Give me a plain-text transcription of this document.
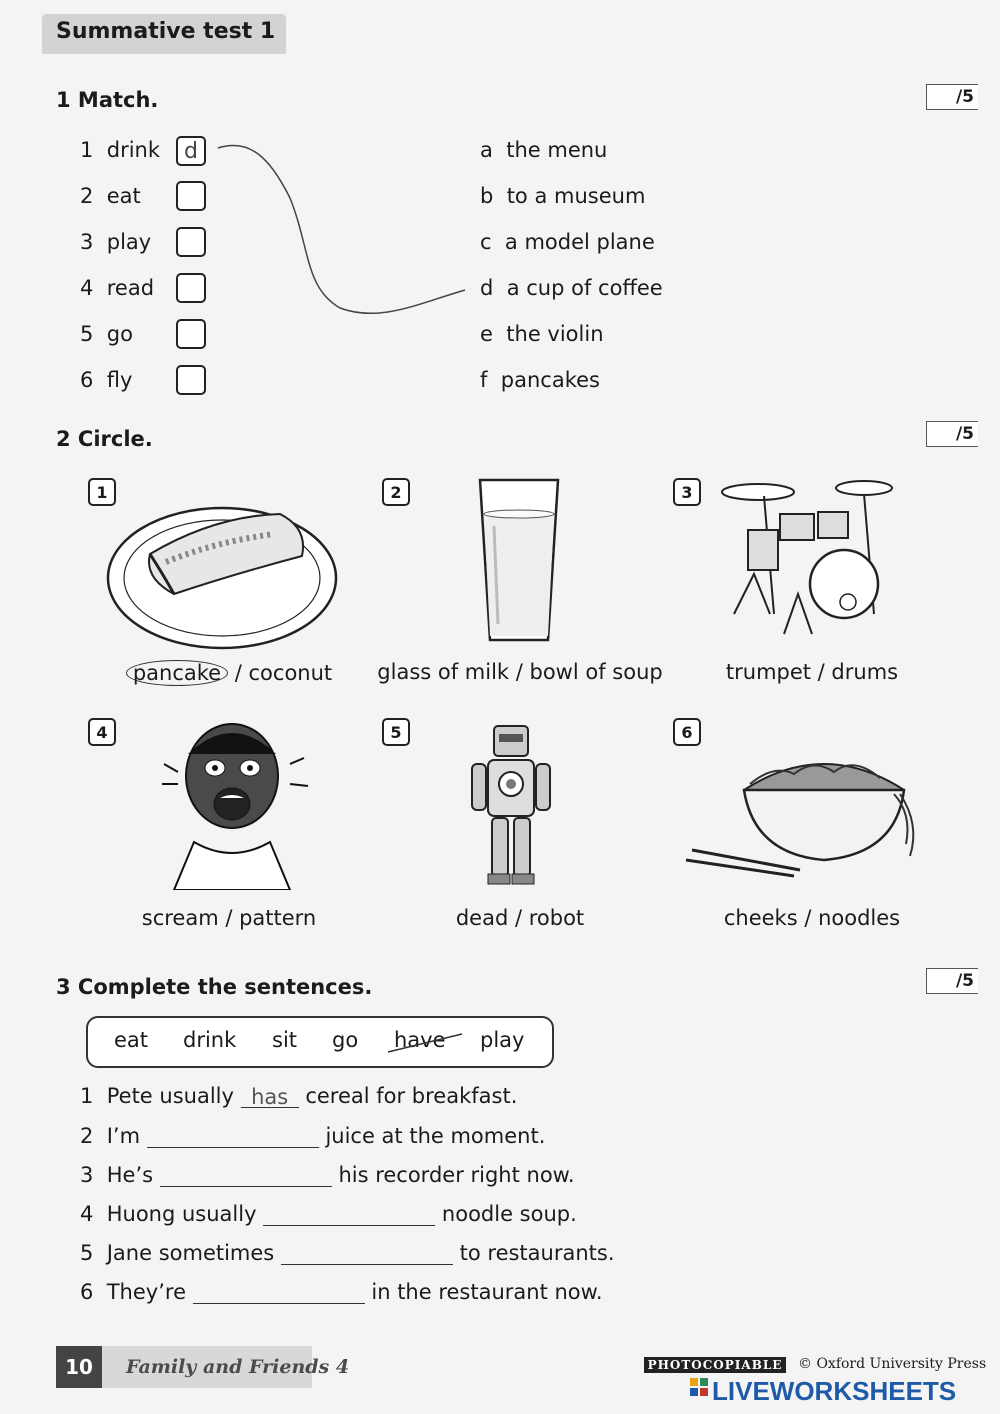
Summative test 1
1 Match.	/5
1 drink	d
2 eat
3 play
4 read
5 go
6 fly
a the menu
b to a museum
c a model plane
d a cup of coffee
e the violin
f pancakes
2 Circle.	/5
1
pancake / coconut
2
glass of milk / bowl of soup
3
trumpet / drums
4
scream / pattern
5
dead / robot
6
cheeks / noodles
3 Complete the sentences.	/5
eat drink sit go have play
1 Pete usually has cereal for breakfast.
2 I’m	juice at the moment.
3 He’s	his recorder right now.
4 Huong usually	noodle soup.
5 Jane sometimes	to restaurants.
6 They’re	in the restaurant now.
10	Family and Friends 4	PHOTOCOPIABLE © Oxford University Press
LIVEWORKSHEETS
